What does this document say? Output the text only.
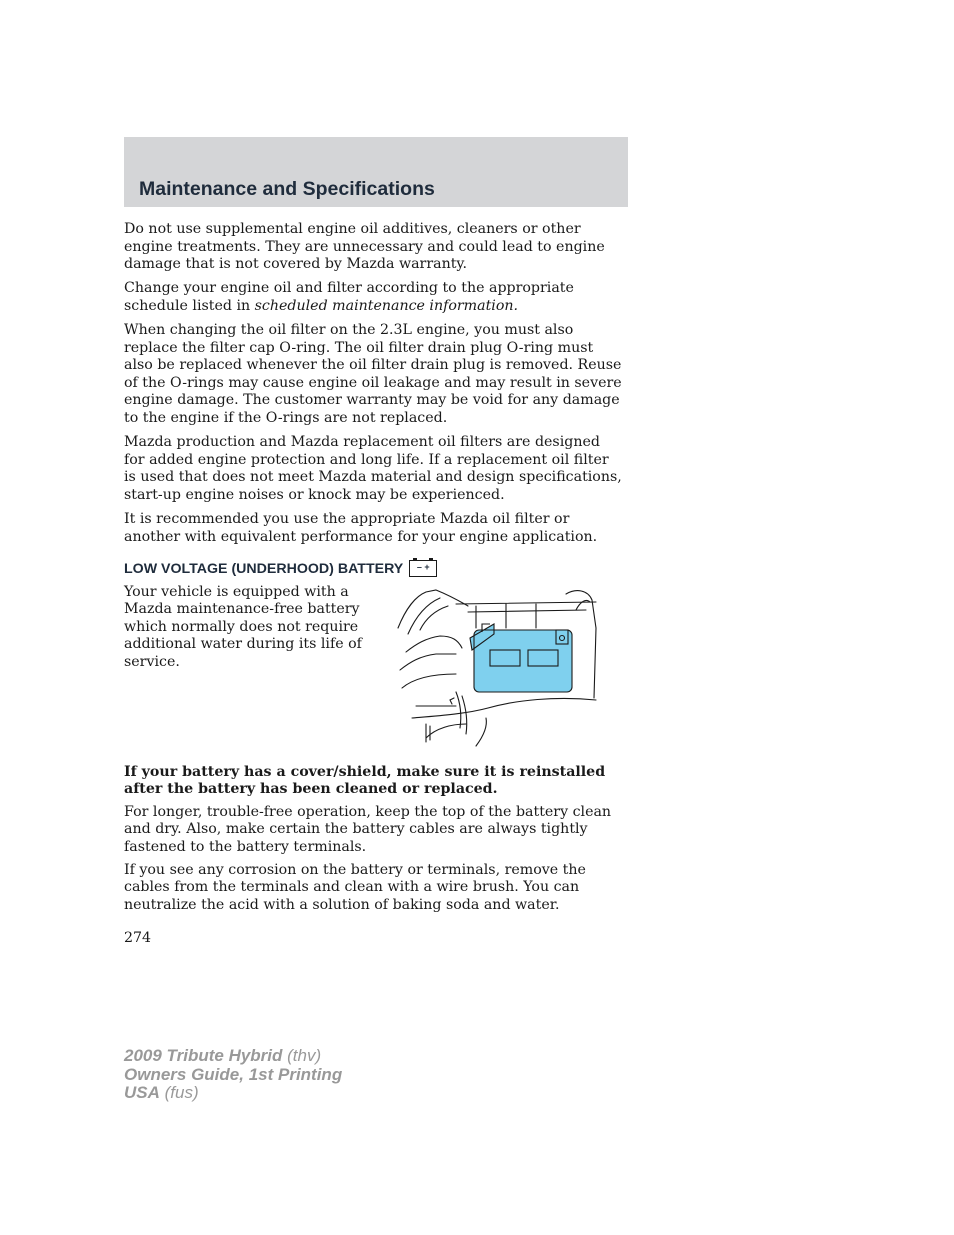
Maintenance and Specifications

Do not use supplemental engine oil additives, cleaners or other engine treatments. They are unnecessary and could lead to engine damage that is not covered by Mazda warranty.

Change your engine oil and filter according to the appropriate schedule listed in scheduled maintenance information.

When changing the oil filter on the 2.3L engine, you must also replace the filter cap O-ring. The oil filter drain plug O-ring must also be replaced whenever the oil filter drain plug is removed. Reuse of the O-rings may cause engine oil leakage and may result in severe engine damage. The customer warranty may be void for any damage to the engine if the O-rings are not replaced.

Mazda production and Mazda replacement oil filters are designed for added engine protection and long life. If a replacement oil filter is used that does not meet Mazda material and design specifications, start-up engine noises or knock may be experienced.

It is recommended you use the appropriate Mazda oil filter or another with equivalent performance for your engine application.

LOW VOLTAGE (UNDERHOOD) BATTERY	– +

Your vehicle is equipped with a Mazda maintenance-free battery which normally does not require additional water during its life of service.

If your battery has a cover/shield, make sure it is reinstalled after the battery has been cleaned or replaced.

For longer, trouble-free operation, keep the top of the battery clean and dry. Also, make certain the battery cables are always tightly fastened to the battery terminals.

If you see any corrosion on the battery or terminals, remove the cables from the terminals and clean with a wire brush. You can neutralize the acid with a solution of baking soda and water.

274
2009 Tribute Hybrid (thv)
Owners Guide, 1st Printing
USA (fus)
